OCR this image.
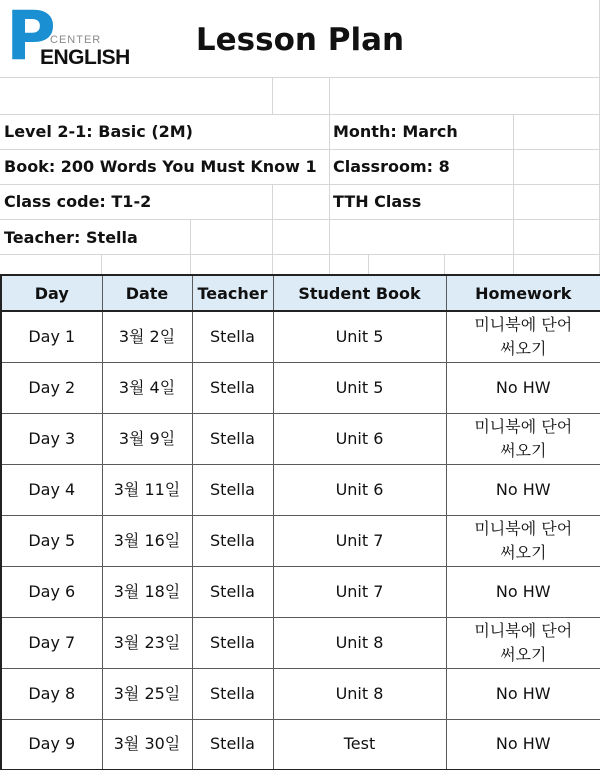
P
CENTER
ENGLISH	Lesson Plan
Level 2-1: Basic (2M)	Month: March
Book: 200 Words You Must Know 1 Classroom: 8
Class code: T1-2	TTH Class
Teacher: Stella
Day	Date	Teacher	Student Book	Homework
Day 1	3월 2일	Stella	Unit 5	미니북에 단어
써오기

Day 2	3월 4일	Stella	Unit 5	No HW

Day 3	3월 9일	Stella	Unit 6	미니북에 단어
써오기

Day 4	3월 11일	Stella	Unit 6	No HW

Day 5	3월 16일	Stella	Unit 7	미니북에 단어
써오기

Day 6	3월 18일	Stella	Unit 7	No HW

Day 7	3월 23일	Stella	Unit 8	미니북에 단어
써오기

Day 8	3월 25일	Stella	Unit 8	No HW

Day 9	3월 30일	Stella	Test	No HW
